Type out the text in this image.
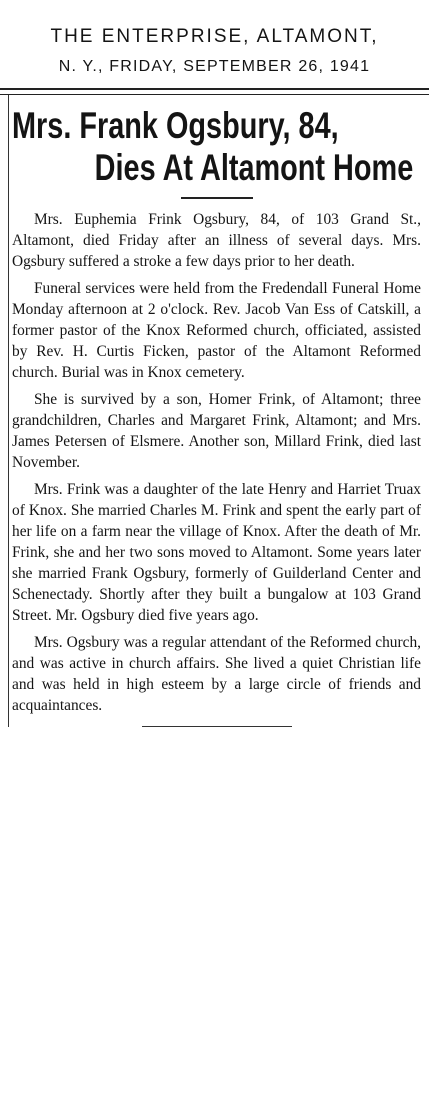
THE ENTERPRISE, ALTAMONT,

N. Y., FRIDAY, SEPTEMBER 26, 1941

Mrs. Frank Ogsbury, 84,
Dies At Altamont Home

Mrs. Euphemia Frink Ogsbury, 84, of 103 Grand St., Altamont, died Friday after an illness of several days. Mrs. Ogsbury suffered a stroke a few days prior to her death.

Funeral services were held from the Fredendall Funeral Home Monday afternoon at 2 o'clock. Rev. Jacob Van Ess of Catskill, a former pastor of the Knox Reformed church, officiated, assisted by Rev. H. Curtis Ficken, pastor of the Altamont Reformed church. Burial was in Knox cemetery.

She is survived by a son, Homer Frink, of Altamont; three grandchildren, Charles and Margaret Frink, Altamont; and Mrs. James Petersen of Elsmere. Another son, Millard Frink, died last November.

Mrs. Frink was a daughter of the late Henry and Harriet Truax of Knox. She married Charles M. Frink and spent the early part of her life on a farm near the village of Knox. After the death of Mr. Frink, she and her two sons moved to Altamont. Some years later she married Frank Ogsbury, formerly of Guilderland Center and Schenectady. Shortly after they built a bungalow at 103 Grand Street. Mr. Ogsbury died five years ago.

Mrs. Ogsbury was a regular attendant of the Reformed church, and was active in church affairs. She lived a quiet Christian life and was held in high esteem by a large circle of friends and acquaintances.
